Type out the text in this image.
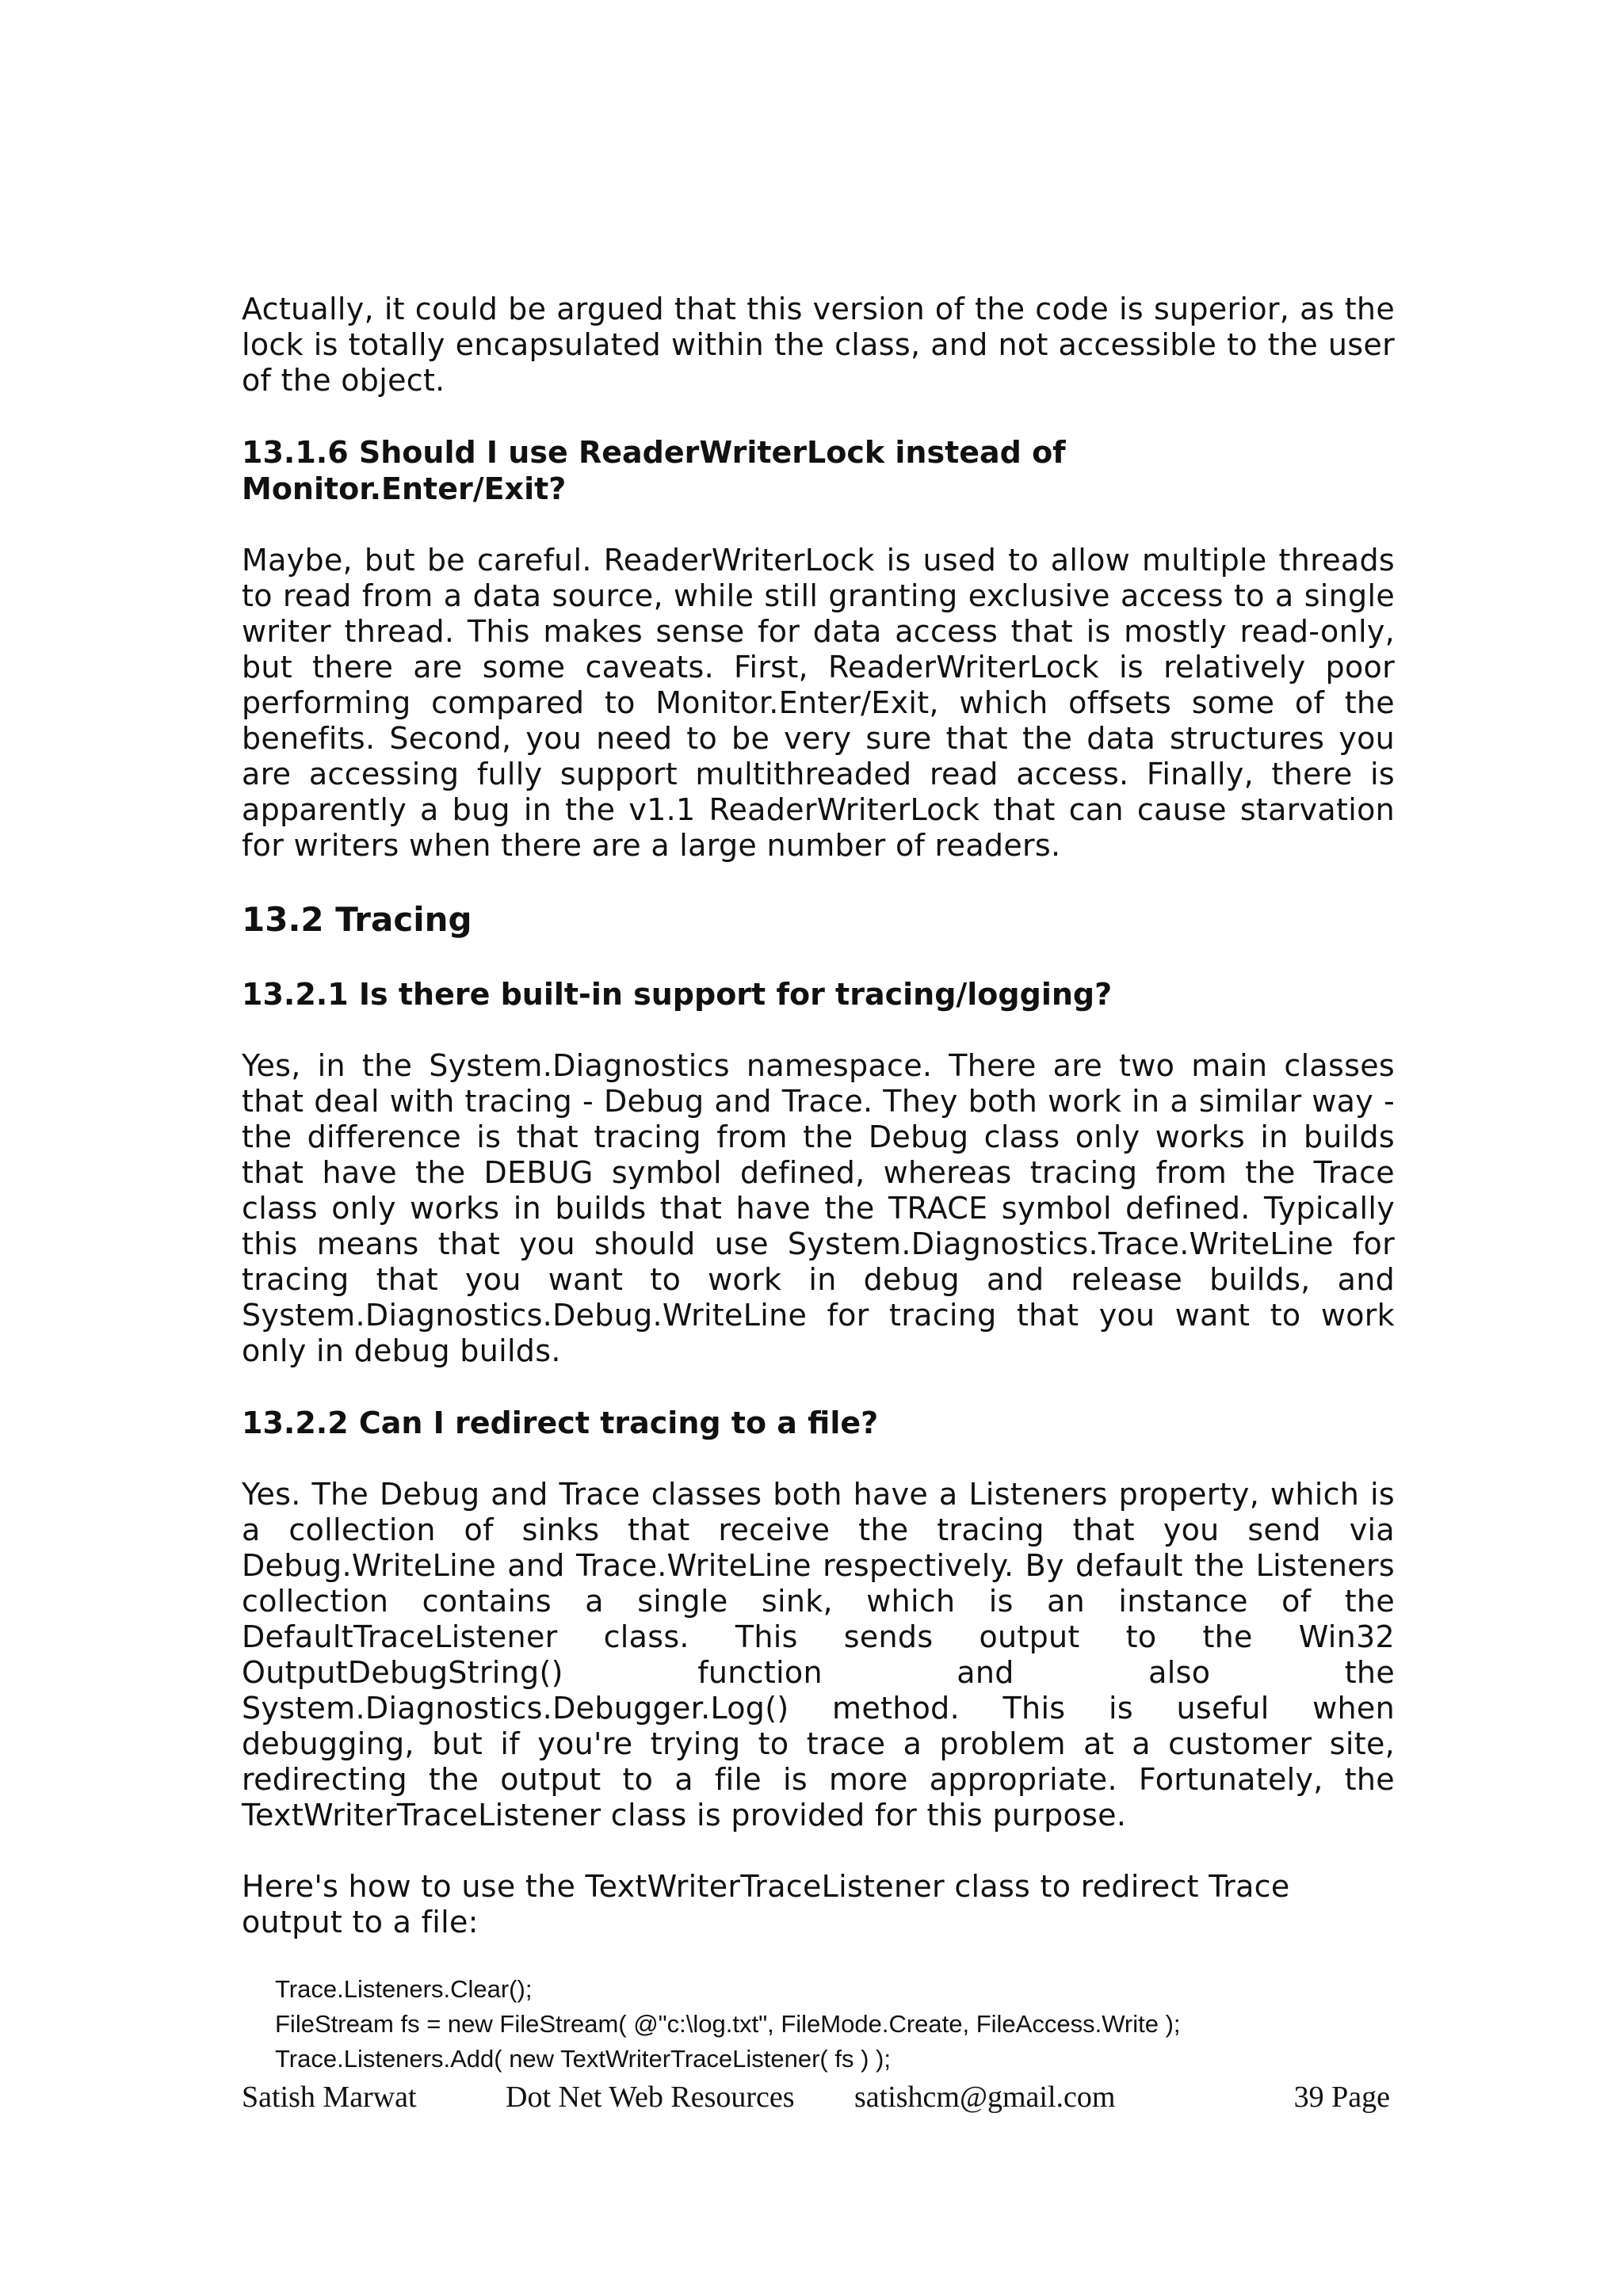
Actually, it could be argued that this version of the code is superior, as the lock is totally encapsulated within the class, and not accessible to the user of the object.

13.1.6 Should I use ReaderWriterLock instead of Monitor.Enter/Exit?

Maybe, but be careful. ReaderWriterLock is used to allow multiple threads to read from a data source, while still granting exclusive access to a single writer thread. This makes sense for data access that is mostly read-only, but there are some caveats. First, ReaderWriterLock is relatively poor performing compared to Monitor.Enter/Exit, which offsets some of the benefits. Second, you need to be very sure that the data structures you are accessing fully support multithreaded read access. Finally, there is apparently a bug in the v1.1 ReaderWriterLock that can cause starvation for writers when there are a large number of readers.

13.2 Tracing
13.2.1 Is there built-in support for tracing/logging?

Yes, in the System.Diagnostics namespace. There are two main classes that deal with tracing - Debug and Trace. They both work in a similar way - the difference is that tracing from the Debug class only works in builds that have the DEBUG symbol defined, whereas tracing from the Trace class only works in builds that have the TRACE symbol defined. Typically this means that you should use System.Diagnostics.Trace.WriteLine for tracing that you want to work in debug and release builds, and System.Diagnostics.Debug.WriteLine for tracing that you want to work only in debug builds.

13.2.2 Can I redirect tracing to a file?

Yes. The Debug and Trace classes both have a Listeners property, which is a collection of sinks that receive the tracing that you send via Debug.WriteLine and Trace.WriteLine respectively. By default the Listeners collection contains a single sink, which is an instance of the DefaultTraceListener class. This sends output to the Win32 OutputDebugString() function and also the System.Diagnostics.Debugger.Log() method. This is useful when debugging, but if you're trying to trace a problem at a customer site, redirecting the output to a file is more appropriate. Fortunately, the TextWriterTraceListener class is provided for this purpose.

Here's how to use the TextWriterTraceListener class to redirect Trace output to a file:

Trace.Listeners.Clear();
FileStream fs = new FileStream( @"c:\log.txt", FileMode.Create, FileAccess.Write );
Trace.Listeners.Add( new TextWriterTraceListener( fs ) );
Satish Marwat	Dot Net Web Resources satishcm@gmail.com	39 Page
